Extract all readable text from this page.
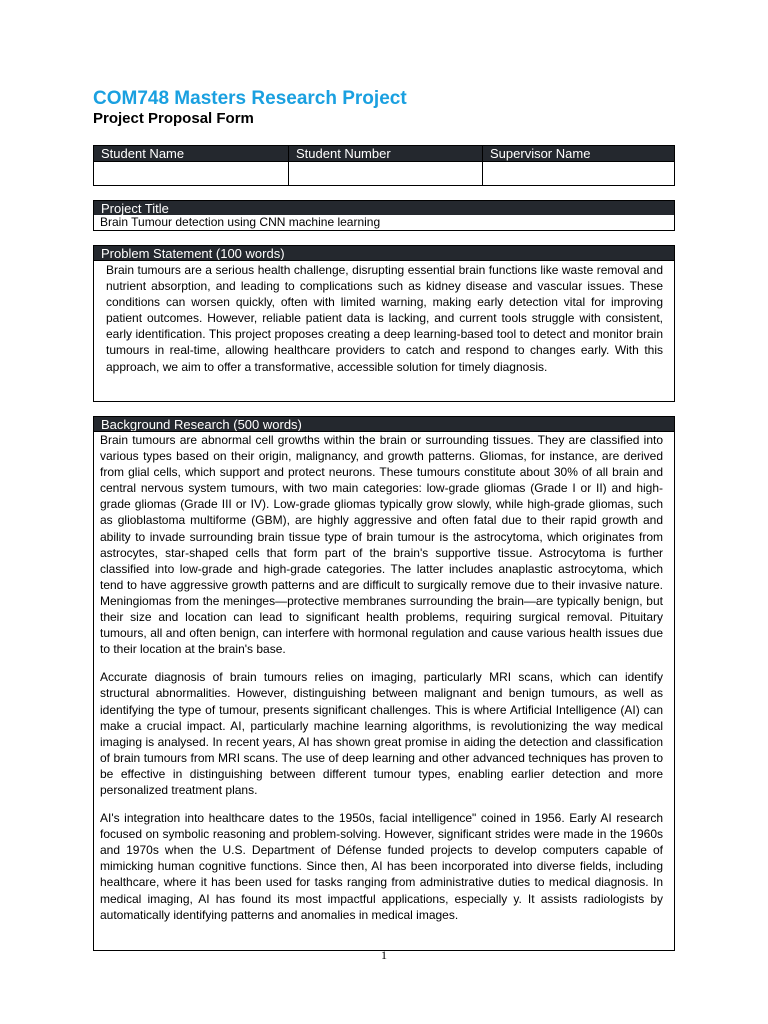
COM748 Masters Research Project
Project Proposal Form
Student Name	Student Number	Supervisor Name
Project Title
Brain Tumour detection using CNN machine learning
Problem Statement (100 words)
Brain tumours are a serious health challenge, disrupting essential brain functions like waste removal and nutrient absorption, and leading to complications such as kidney disease and vascular issues. These conditions can worsen quickly, often with limited warning, making early detection vital for improving patient outcomes. However, reliable patient data is lacking, and current tools struggle with consistent, early identification. This project proposes creating a deep learning-based tool to detect and monitor brain tumours in real-time, allowing healthcare providers to catch and respond to changes early. With this approach, we aim to offer a transformative, accessible solution for timely diagnosis.
Background Research (500 words)

Brain tumours are abnormal cell growths within the brain or surrounding tissues. They are classified into various types based on their origin, malignancy, and growth patterns. Gliomas, for instance, are derived from glial cells, which support and protect neurons. These tumours constitute about 30% of all brain and central nervous system tumours, with two main categories: low-grade gliomas (Grade I or II) and high-grade gliomas (Grade III or IV). Low-grade gliomas typically grow slowly, while high-grade gliomas, such as glioblastoma multiforme (GBM), are highly aggressive and often fatal due to their rapid growth and ability to invade surrounding brain tissue type of brain tumour is the astrocytoma, which originates from astrocytes, star-shaped cells that form part of the brain's supportive tissue. Astrocytoma is further classified into low-grade and high-grade categories. The latter includes anaplastic astrocytoma, which tend to have aggressive growth patterns and are difficult to surgically remove due to their invasive nature. Meningiomas from the meninges—protective membranes surrounding the brain—are typically benign, but their size and location can lead to significant health problems, requiring surgical removal. Pituitary tumours, all and often benign, can interfere with hormonal regulation and cause various health issues due to their location at the brain's base.

Accurate diagnosis of brain tumours relies on imaging, particularly MRI scans, which can identify structural abnormalities. However, distinguishing between malignant and benign tumours, as well as identifying the type of tumour, presents significant challenges. This is where Artificial Intelligence (AI) can make a crucial impact. AI, particularly machine learning algorithms, is revolutionizing the way medical imaging is analysed. In recent years, AI has shown great promise in aiding the detection and classification of brain tumours from MRI scans. The use of deep learning and other advanced techniques has proven to be effective in distinguishing between different tumour types, enabling earlier detection and more personalized treatment plans.

AI's integration into healthcare dates to the 1950s, facial intelligence" coined in 1956. Early AI research focused on symbolic reasoning and problem-solving. However, significant strides were made in the 1960s and 1970s when the U.S. Department of Défense funded projects to develop computers capable of mimicking human cognitive functions. Since then, AI has been incorporated into diverse fields, including healthcare, where it has been used for tasks ranging from administrative duties to medical diagnosis. In medical imaging, AI has found its most impactful applications, especially y. It assists radiologists by automatically identifying patterns and anomalies in medical images.

1
